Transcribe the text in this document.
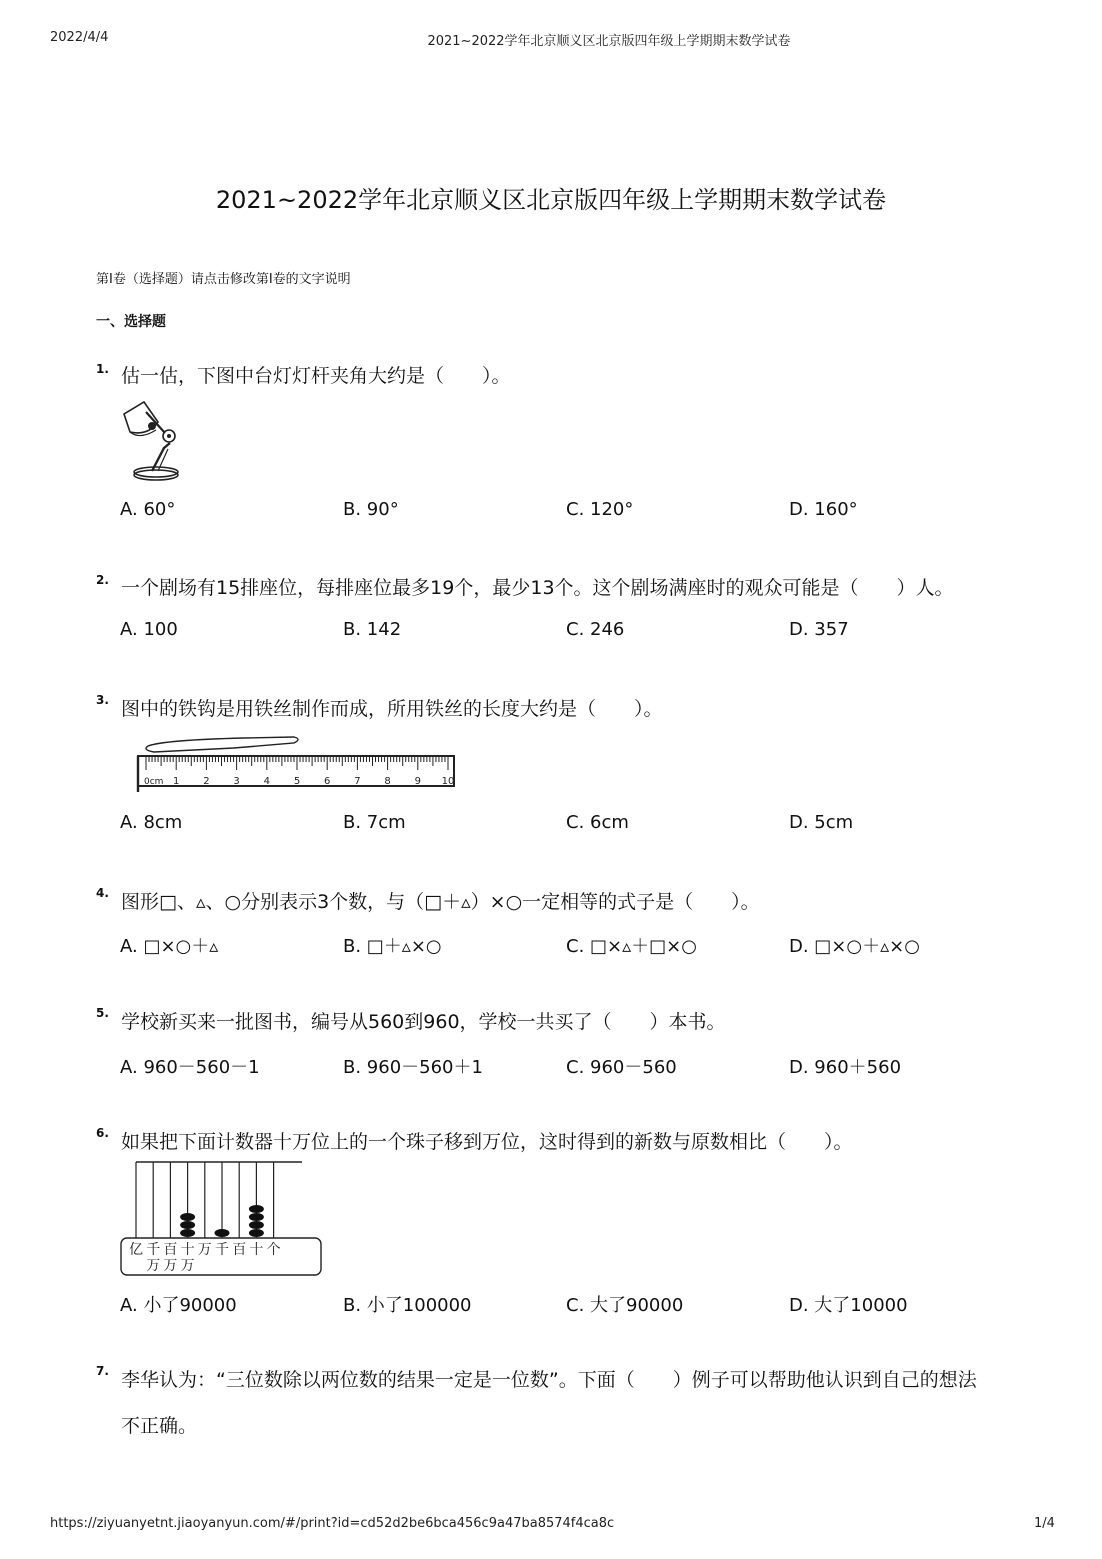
2022/4/4	2021~2022学年北京顺义区北京版四年级上学期期末数学试卷
2021~2022学年北京顺义区北京版四年级上学期期末数学试卷
第Ⅰ卷（选择题）请点击修改第Ⅰ卷的文字说明
一、选择题
1. 估一估，下图中台灯灯杆夹角大约是（　　）。
A. 60°	B. 90°	C. 120°	D. 160°
2. 一个剧场有15排座位，每排座位最多19个，最少13个。这个剧场满座时的观众可能是（　　）人。
A. 100	B. 142	C. 246	D. 357
3. 图中的铁钩是用铁丝制作而成，所用铁丝的长度大约是（　　）。
0cm 1 2 3 4 5 6 7 8 9 10
A. 8cm	B. 7cm	C. 6cm	D. 5cm
4. 图形□、▵、○分别表示3个数，与（□＋▵）×○一定相等的式子是（　　）。
A. □×○＋▵	B. □＋▵×○	C. □×▵＋□×○	D. □×○＋▵×○
5. 学校新买来一批图书，编号从560到960，学校一共买了（　　）本书。
A. 960－560－1	B. 960－560＋1	C. 960－560	D. 960＋560
6. 如果把下面计数器十万位上的一个珠子移到万位，这时得到的新数与原数相比（　　）。
亿 千 百 十 万 千 百 十 个
万 万 万
A. 小了90000	B. 小了100000	C. 大了90000	D. 大了10000
7. 李华认为：“三位数除以两位数的结果一定是一位数”。下面（　　）例子可以帮助他认识到自己的想法
不正确。
https://ziyuanyetnt.jiaoyanyun.com/#/print?id=cd52d2be6bca456c9a47ba8574f4ca8c	1/4
